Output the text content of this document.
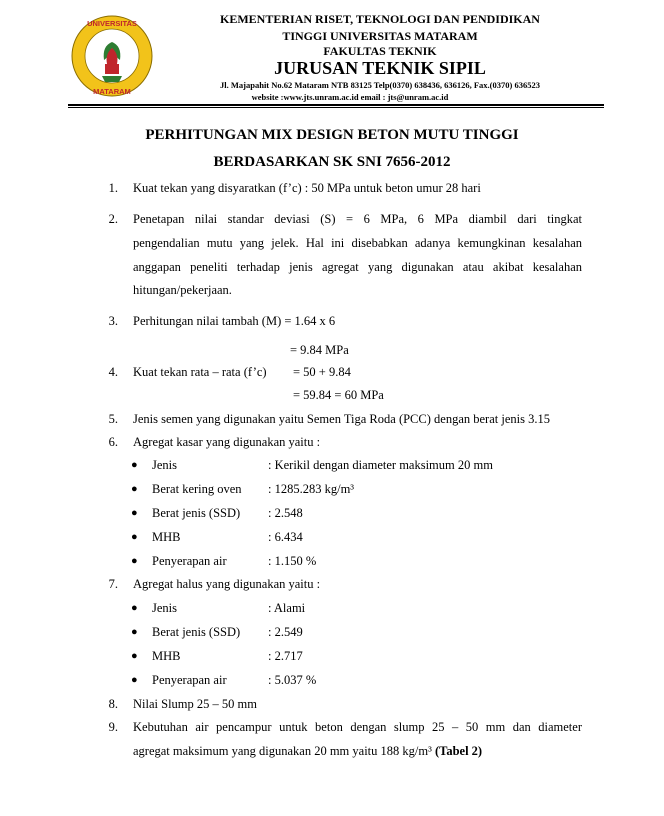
UNIVERSITAS
MATARAM
KEMENTERIAN RISET, TEKNOLOGI DAN PENDIDIKAN
TINGGI UNIVERSITAS MATARAM
FAKULTAS TEKNIK
JURUSAN TEKNIK SIPIL
Jl. Majapahit No.62 Mataram NTB 83125 Telp(0370) 638436, 636126, Fax.(0370) 636523
website :www.jts.unram.ac.id email : jts@unram.ac.id
PERHITUNGAN MIX DESIGN BETON MUTU TINGGI
BERDASARKAN SK SNI 7656-2012
1. Kuat tekan yang disyaratkan (f’c) : 50 MPa untuk beton umur 28 hari
2. Penetapan nilai standar deviasi (S) = 6 MPa, 6 MPa diambil dari tingkat
pengendalian mutu yang jelek. Hal ini disebabkan adanya kemungkinan kesalahan
anggapan peneliti terhadap jenis agregat yang digunakan atau akibat kesalahan
hitungan/pekerjaan.
3. Perhitungan nilai tambah (M) = 1.64 x 6
= 9.84 MPa
4. Kuat tekan rata – rata (f’c) = 50 + 9.84
= 59.84 = 60 MPa
5. Jenis semen yang digunakan yaitu Semen Tiga Roda (PCC) dengan berat jenis 3.15
6. Agregat kasar yang digunakan yaitu :
● Jenis	: Kerikil dengan diameter maksimum 20 mm
● Berat kering oven : 1285.283 kg/m³
● Berat jenis (SSD) : 2.548
● MHB	: 6.434
● Penyerapan air	: 1.150 %
7. Agregat halus yang digunakan yaitu :
● Jenis	: Alami
● Berat jenis (SSD) : 2.549
● MHB	: 2.717
● Penyerapan air	: 5.037 %
8. Nilai Slump 25 – 50 mm
9. Kebutuhan air pencampur untuk beton dengan slump 25 – 50 mm dan diameter
agregat maksimum yang digunakan 20 mm yaitu 188 kg/m³ (Tabel 2)
